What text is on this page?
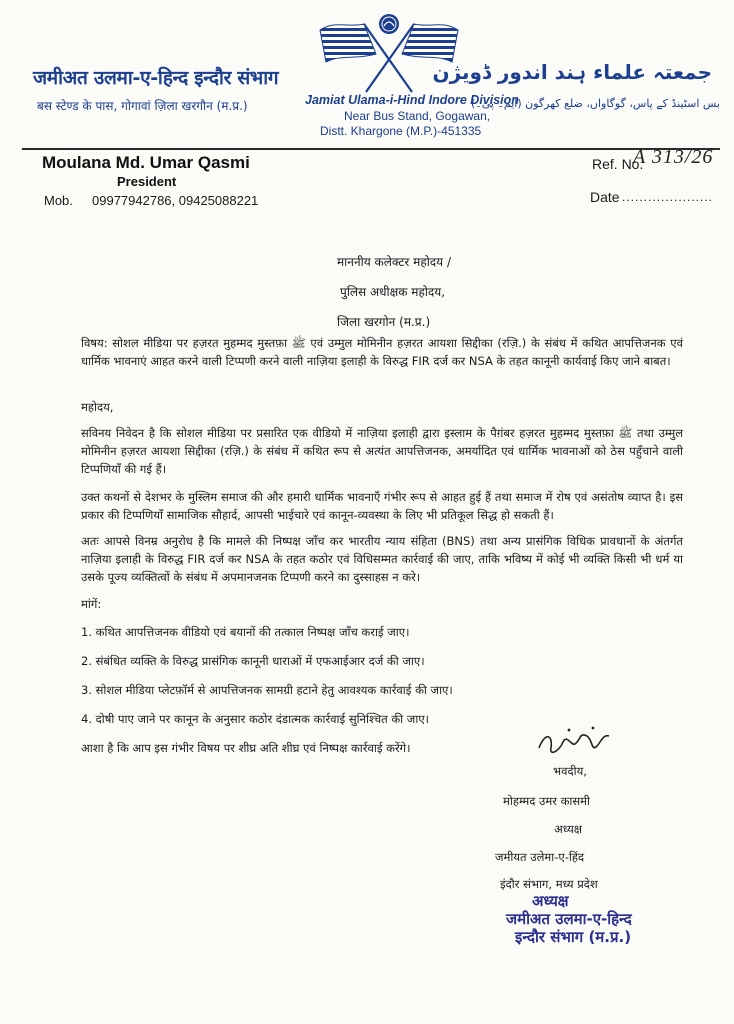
जमीअत उलमा-ए-हिन्द इन्दौर संभाग
बस स्टेण्ड के पास, गोगावां ज़िला खरगौन (म.प्र.)	Jamiat Ulama-i-Hind Indore Division
Near Bus Stand, Gogawan,
Distt. Khargone (M.P.)-451335
جمعتہ علماء ہند اندور ڈویژن
بس اسٹینڈ کے پاس، گوگاواں، ضلع کھرگون (ایم۔ پی۔)
Moulana Md. Umar Qasmi
President
Mob. 09977942786, 09425088221
Ref. No.
A 313/26
Date .....................
माननीय कलेक्टर महोदय /
पुलिस अधीक्षक महोदय,
जिला खरगोन (म.प्र.)
विषय: सोशल मीडिया पर हज़रत मुहम्मद मुस्तफ़ा ﷺ एवं उम्मुल मोमिनीन हज़रत आयशा सिद्दीका (रज़ि.) के संबंध में कथित आपत्तिजनक एवं धार्मिक भावनाएं आहत करने वाली टिप्पणी करने वाली नाज़िया इलाही के विरुद्ध FIR दर्ज कर NSA के तहत कानूनी कार्यवाई किए जाने बाबत।
महोदय,
सविनय निवेदन है कि सोशल मीडिया पर प्रसारित एक वीडियो में नाज़िया इलाही द्वारा इस्लाम के पैग़ंबर हज़रत मुहम्मद मुस्तफ़ा ﷺ तथा उम्मुल मोमिनीन हज़रत आयशा सिद्दीका (रज़ि.) के संबंध में कथित रूप से अत्यंत आपत्तिजनक, अमर्यादित एवं धार्मिक भावनाओं को ठेस पहुँचाने वाली टिप्पणियाँ की गई हैं।
उक्त कथनों से देशभर के मुस्लिम समाज की और हमारी धार्मिक भावनाएँ गंभीर रूप से आहत हुई हैं तथा समाज में रोष एवं असंतोष व्याप्त है। इस प्रकार की टिप्पणियाँ सामाजिक सौहार्द, आपसी भाईचारे एवं कानून-व्यवस्था के लिए भी प्रतिकूल सिद्ध हो सकती हैं।
अतः आपसे विनम्र अनुरोध है कि मामले की निष्पक्ष जाँच कर भारतीय न्याय संहिता (BNS) तथा अन्य प्रासंगिक विधिक प्रावधानों के अंतर्गत नाज़िया इलाही के विरुद्ध FIR दर्ज कर NSA के तहत कठोर एवं विधिसम्मत कार्रवाई की जाए, ताकि भविष्य में कोई भी व्यक्ति किसी भी धर्म या उसके पूज्य व्यक्तित्वों के संबंध में अपमानजनक टिप्पणी करने का दुस्साहस न करे।
मांगें:
1. कथित आपत्तिजनक वीडियो एवं बयानों की तत्काल निष्पक्ष जाँच कराई जाए।
2. संबंधित व्यक्ति के विरुद्ध प्रासंगिक कानूनी धाराओं में एफआईआर दर्ज की जाए।
3. सोशल मीडिया प्लेटफ़ॉर्म से आपत्तिजनक सामग्री हटाने हेतु आवश्यक कार्रवाई की जाए।
4. दोषी पाए जाने पर कानून के अनुसार कठोर दंडात्मक कार्रवाई सुनिश्चित की जाए।
आशा है कि आप इस गंभीर विषय पर शीघ्र अति शीघ्र एवं निष्पक्ष कार्रवाई करेंगे।
भवदीय,
मोहम्मद उमर कासमी
अध्यक्ष
जमीयत उलेमा-ए-हिंद
इंदौर संभाग, मध्य प्रदेश
अध्यक्ष
जमीअत उलमा-ए-हिन्द
इन्दौर संभाग (म.प्र.)
